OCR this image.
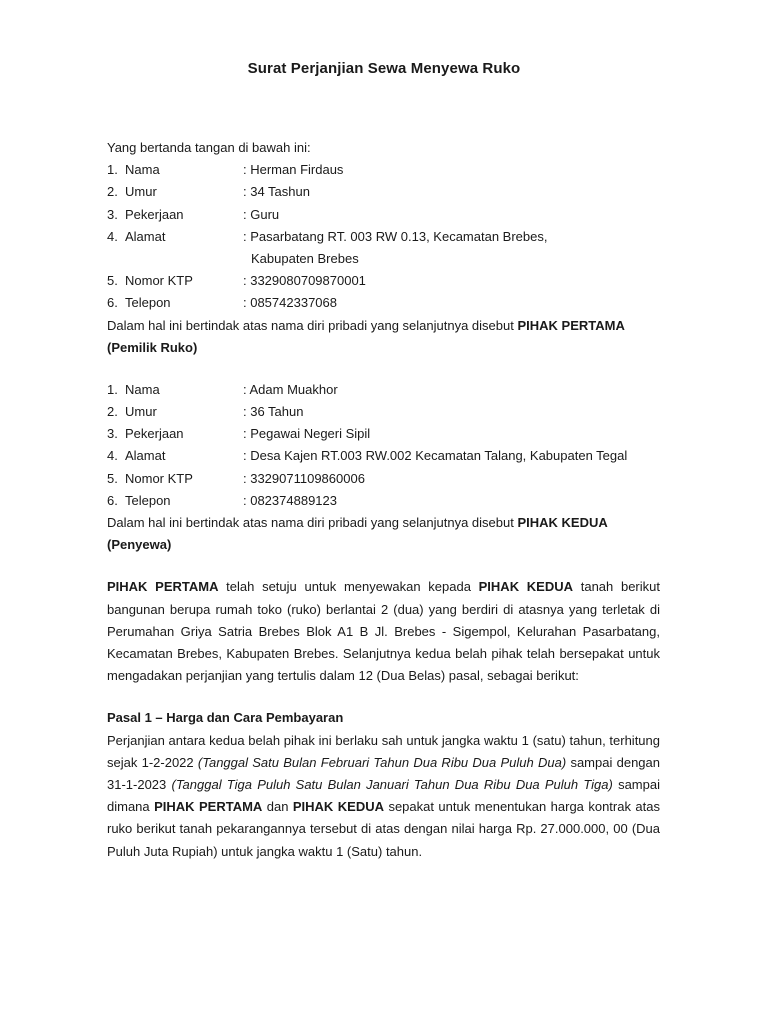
Surat Perjanjian Sewa Menyewa Ruko

Yang bertanda tangan di bawah ini:

1. Nama	: Herman Firdaus
2. Umur	: 34 Tashun
3. Pekerjaan	: Guru
4. Alamat	: Pasarbatang RT. 003 RW 0.13, Kecamatan Brebes,
Kabupaten Brebes
5. Nomor KTP	: 3329080709870001
6. Telepon	: 085742337068

Dalam hal ini bertindak atas nama diri pribadi yang selanjutnya disebut PIHAK PERTAMA

(Pemilik Ruko)

1. Nama	: Adam Muakhor
2. Umur	: 36 Tahun
3. Pekerjaan	: Pegawai Negeri Sipil
4. Alamat	: Desa Kajen RT.003 RW.002 Kecamatan Talang, Kabupaten Tegal
5. Nomor KTP	: 3329071109860006
6. Telepon	: 082374889123

Dalam hal ini bertindak atas nama diri pribadi yang selanjutnya disebut PIHAK KEDUA

(Penyewa)

PIHAK PERTAMA telah setuju untuk menyewakan kepada PIHAK KEDUA tanah berikut bangunan berupa rumah toko (ruko) berlantai 2 (dua) yang berdiri di atasnya yang terletak di Perumahan Griya Satria Brebes Blok A1 B Jl. Brebes - Sigempol, Kelurahan Pasarbatang, Kecamatan Brebes, Kabupaten Brebes. Selanjutnya kedua belah pihak telah bersepakat untuk mengadakan perjanjian yang tertulis dalam 12 (Dua Belas) pasal, sebagai berikut:

Pasal 1 – Harga dan Cara Pembayaran

Perjanjian antara kedua belah pihak ini berlaku sah untuk jangka waktu 1 (satu) tahun, terhitung sejak 1-2-2022 (Tanggal Satu Bulan Februari Tahun Dua Ribu Dua Puluh Dua) sampai dengan 31-1-2023 (Tanggal Tiga Puluh Satu Bulan Januari Tahun Dua Ribu Dua Puluh Tiga) sampai dimana PIHAK PERTAMA dan PIHAK KEDUA sepakat untuk menentukan harga kontrak atas ruko berikut tanah pekarangannya tersebut di atas dengan nilai harga Rp. 27.000.000, 00 (Dua Puluh Juta Rupiah) untuk jangka waktu 1 (Satu) tahun.
